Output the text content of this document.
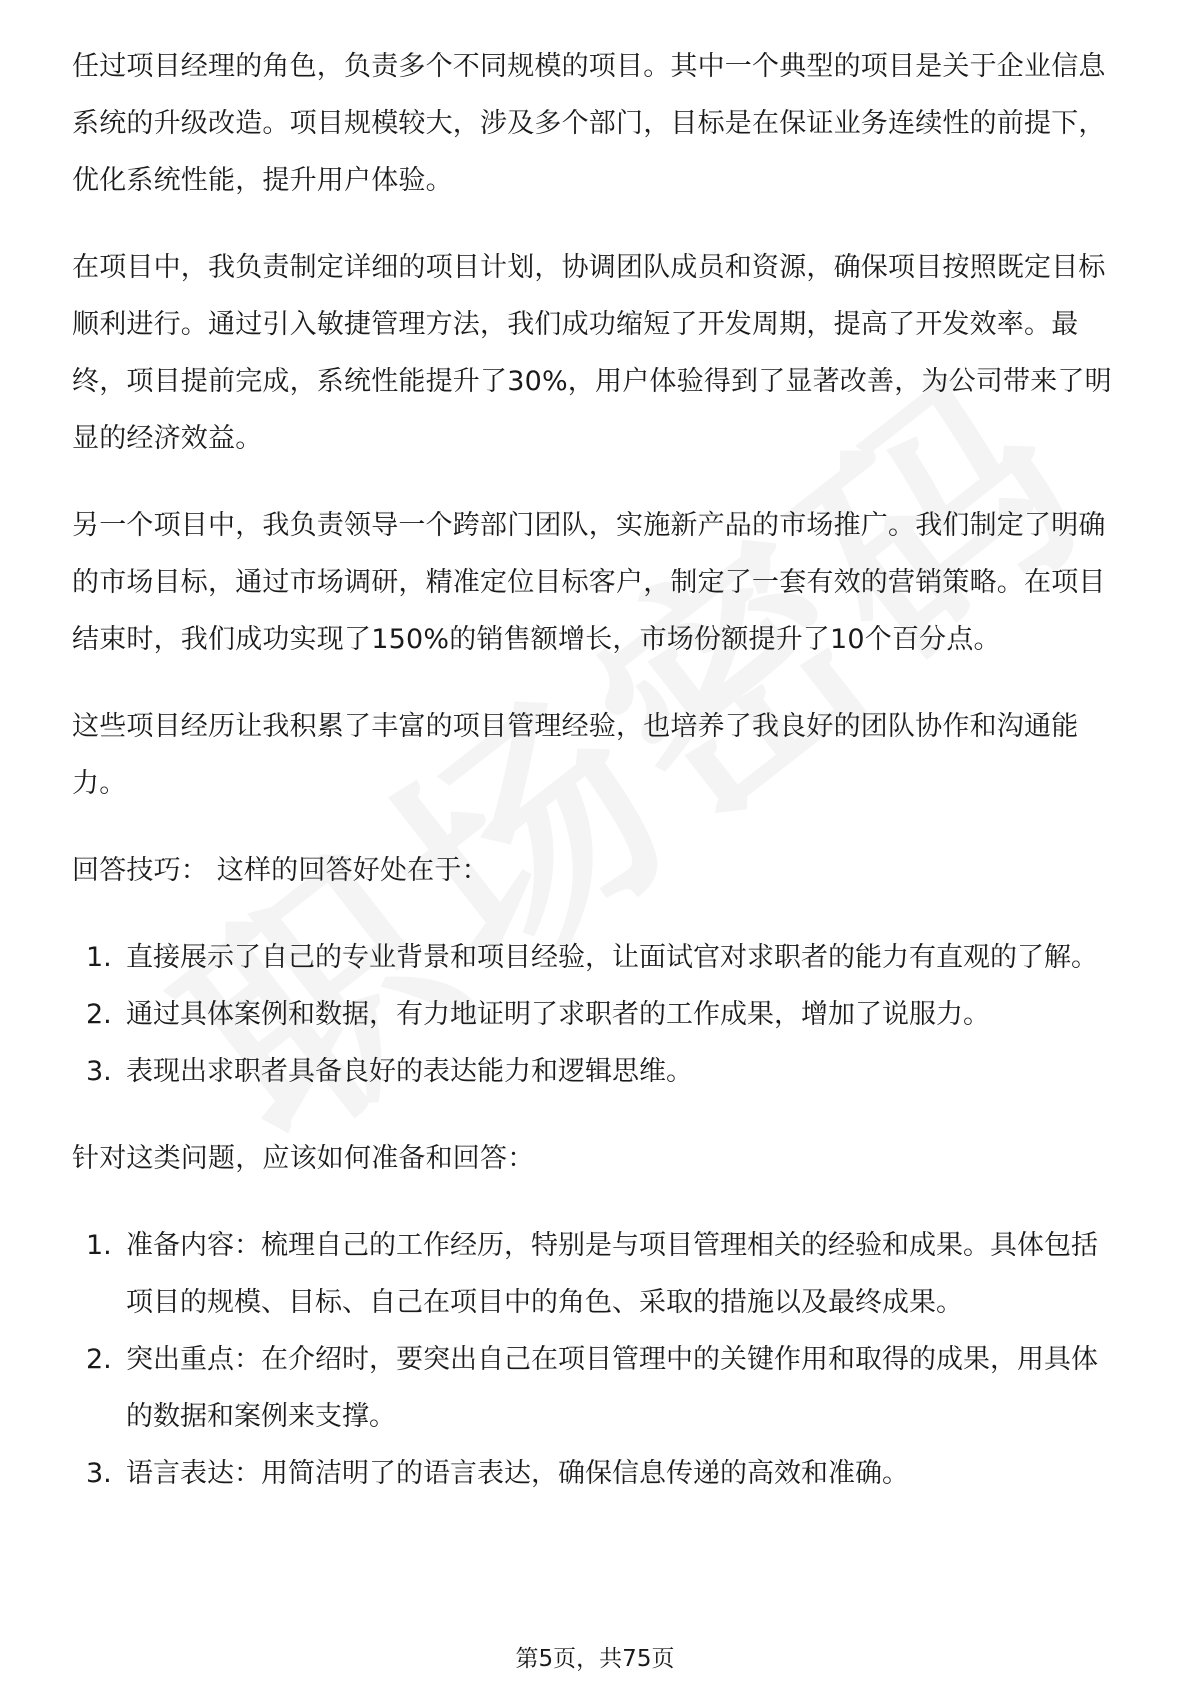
任过项目经理的角色，负责多个不同规模的项目。其中一个典型的项目是关于企业信息系统的升级改造。项目规模较大，涉及多个部门，目标是在保证业务连续性的前提下，优化系统性能，提升用户体验。

在项目中，我负责制定详细的项目计划，协调团队成员和资源，确保项目按照既定目标顺利进行。通过引入敏捷管理方法，我们成功缩短了开发周期，提高了开发效率。最终，项目提前完成，系统性能提升了30%，用户体验得到了显著改善，为公司带来了明显的经济效益。

另一个项目中，我负责领导一个跨部门团队，实施新产品的市场推广。我们制定了明确的市场目标，通过市场调研，精准定位目标客户，制定了一套有效的营销策略。在项目结束时，我们成功实现了150%的销售额增长，市场份额提升了10个百分点。

这些项目经历让我积累了丰富的项目管理经验，也培养了我良好的团队协作和沟通能力。

回答技巧： 这样的回答好处在于：

1. 直接展示了自己的专业背景和项目经验，让面试官对求职者的能力有直观的了解。
2. 通过具体案例和数据，有力地证明了求职者的工作成果，增加了说服力。
3. 表现出求职者具备良好的表达能力和逻辑思维。

针对这类问题，应该如何准备和回答：

1. 准备内容：梳理自己的工作经历，特别是与项目管理相关的经验和成果。具体包括项目的规模、目标、自己在项目中的角色、采取的措施以及最终成果。
2. 突出重点：在介绍时，要突出自己在项目管理中的关键作用和取得的成果，用具体的数据和案例来支撑。
3. 语言表达：用简洁明了的语言表达，确保信息传递的高效和准确。
第5页，共75页
